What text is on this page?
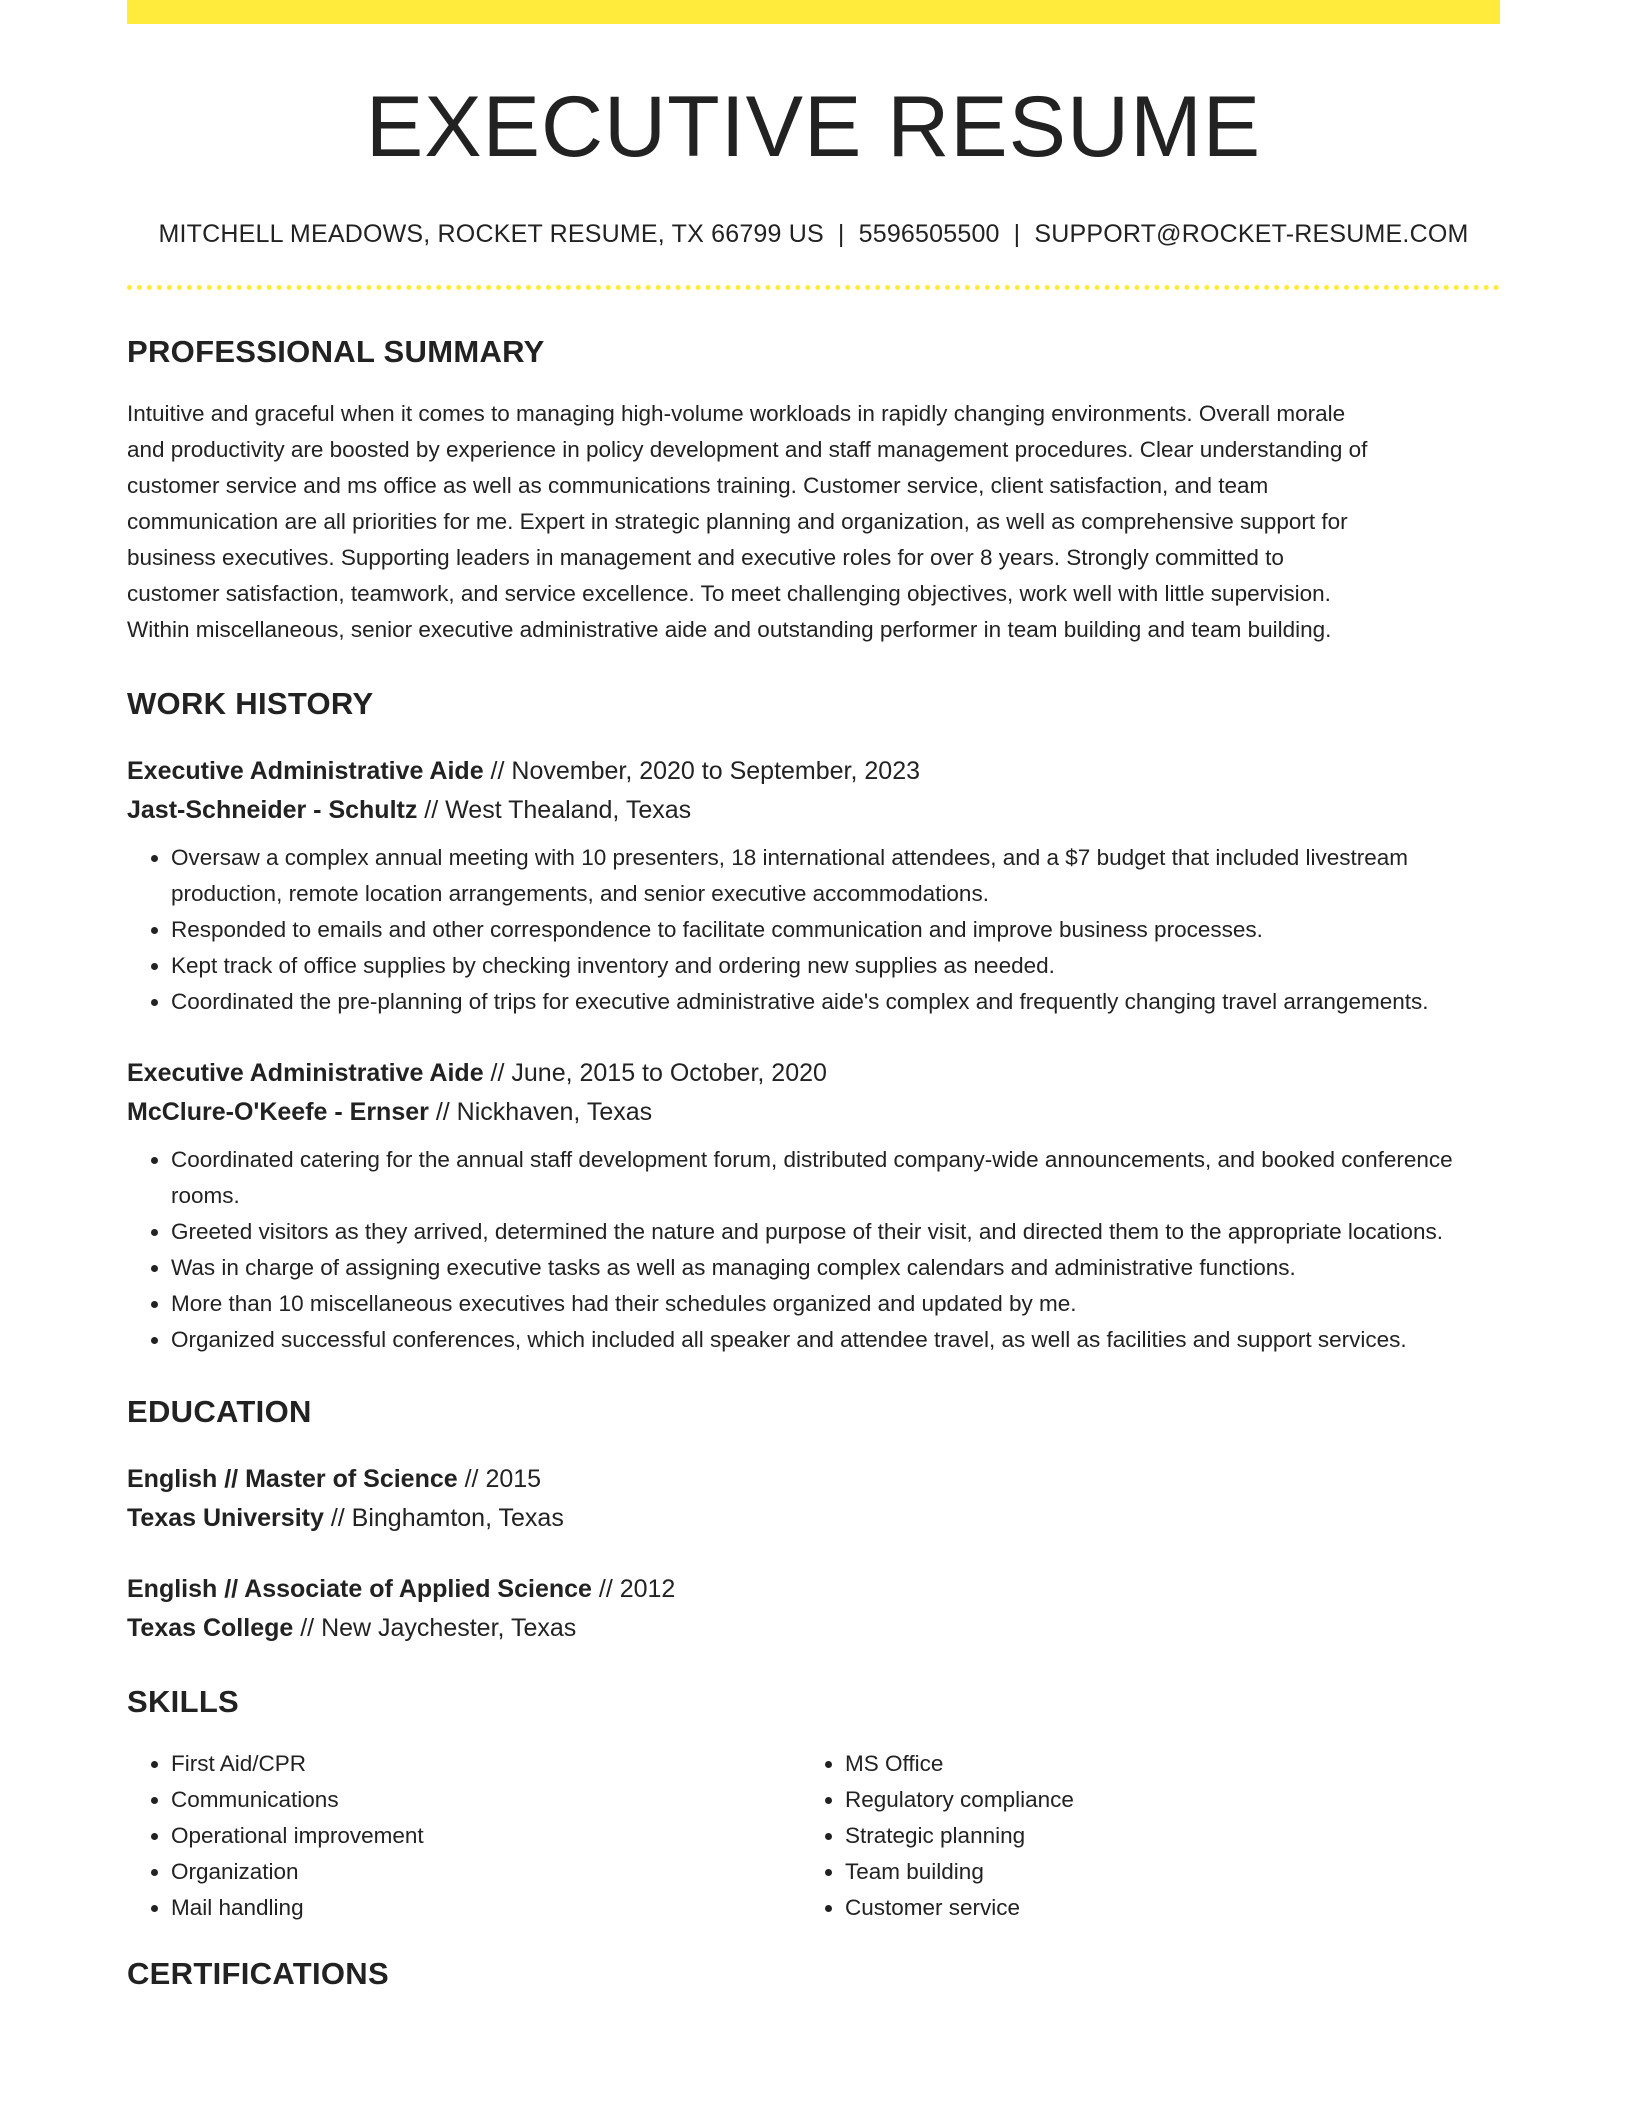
EXECUTIVE RESUME
MITCHELL MEADOWS, ROCKET RESUME, TX 66799 US | 5596505500 | SUPPORT@ROCKET-RESUME.COM
PROFESSIONAL SUMMARY
Intuitive and graceful when it comes to managing high-volume workloads in rapidly changing environments. Overall morale
and productivity are boosted by experience in policy development and staff management procedures. Clear understanding of
customer service and ms office as well as communications training. Customer service, client satisfaction, and team
communication are all priorities for me. Expert in strategic planning and organization, as well as comprehensive support for
business executives. Supporting leaders in management and executive roles for over 8 years. Strongly committed to
customer satisfaction, teamwork, and service excellence. To meet challenging objectives, work well with little supervision.
Within miscellaneous, senior executive administrative aide and outstanding performer in team building and team building.
WORK HISTORY
Executive Administrative Aide // November, 2020 to September, 2023
Jast-Schneider - Schultz // West Thealand, Texas
• Oversaw a complex annual meeting with 10 presenters, 18 international attendees, and a $7 budget that included livestream production, remote location arrangements, and senior executive accommodations.
• Responded to emails and other correspondence to facilitate communication and improve business processes.
• Kept track of office supplies by checking inventory and ordering new supplies as needed.
• Coordinated the pre-planning of trips for executive administrative aide's complex and frequently changing travel arrangements.
Executive Administrative Aide // June, 2015 to October, 2020
McClure-O'Keefe - Ernser // Nickhaven, Texas
• Coordinated catering for the annual staff development forum, distributed company-wide announcements, and booked conference rooms.
• Greeted visitors as they arrived, determined the nature and purpose of their visit, and directed them to the appropriate locations.
• Was in charge of assigning executive tasks as well as managing complex calendars and administrative functions.
• More than 10 miscellaneous executives had their schedules organized and updated by me.
• Organized successful conferences, which included all speaker and attendee travel, as well as facilities and support services.
EDUCATION
English // Master of Science // 2015
Texas University // Binghamton, Texas
English // Associate of Applied Science // 2012
Texas College // New Jaychester, Texas
SKILLS
• First Aid/CPR
• Communications
• Operational improvement
• Organization
• Mail handling
• MS Office
• Regulatory compliance
• Strategic planning
• Team building
• Customer service
CERTIFICATIONS
